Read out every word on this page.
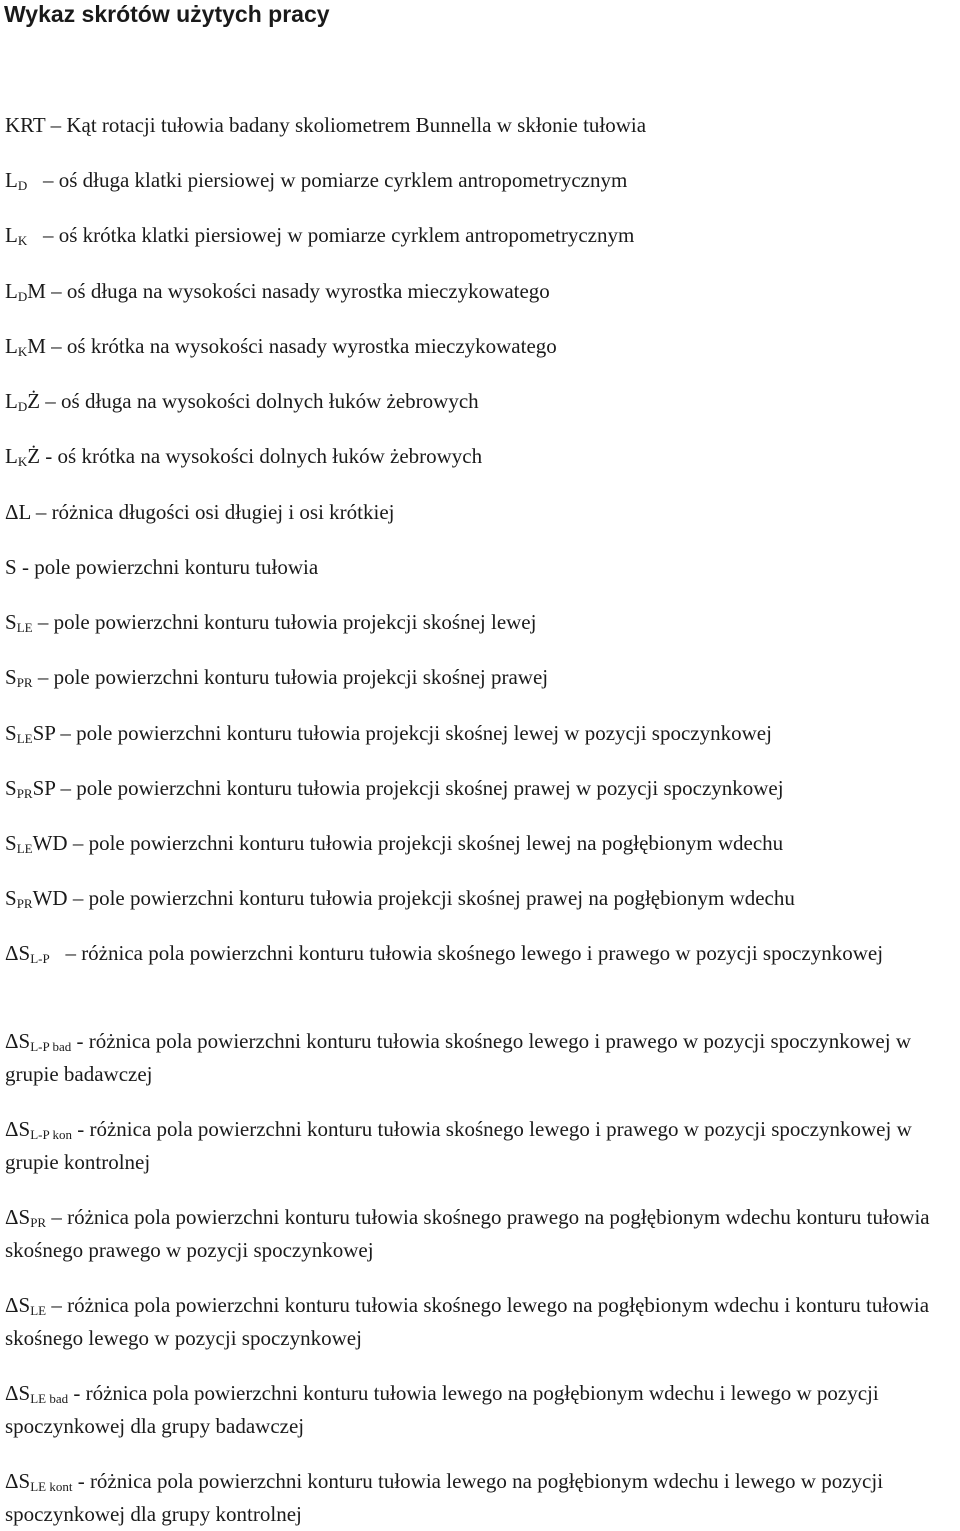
Wykaz skrótów użytych pracy
KRT – Kąt rotacji tułowia badany skoliometrem Bunnella w skłonie tułowia
$L_D$   – oś długa klatki piersiowej w pomiarze cyrklem antropometrycznym
$L_K$   – oś krótka klatki piersiowej w pomiarze cyrklem antropometrycznym
$L_DM$ – oś długa na wysokości nasady wyrostka mieczykowatego
$L_KM$ – oś krótka na wysokości nasady wyrostka mieczykowatego
$L_DŻ$ – oś długa na wysokości dolnych łuków żebrowych
$L_KŻ$ - oś krótka na wysokości dolnych łuków żebrowych
ΔL – różnica długości osi długiej i osi krótkiej
S - pole powierzchni konturu tułowia
$S_{LE}$ – pole powierzchni konturu tułowia projekcji skośnej lewej
$S_{PR}$ – pole powierzchni konturu tułowia projekcji skośnej prawej
$S_{LE}SP$ – pole powierzchni konturu tułowia projekcji skośnej lewej w pozycji spoczynkowej
$S_{PR}SP$ – pole powierzchni konturu tułowia projekcji skośnej prawej w pozycji spoczynkowej
$S_{LE}WD$ – pole powierzchni konturu tułowia projekcji skośnej lewej na pogłębionym wdechu
$S_{PR}WD$ – pole powierzchni konturu tułowia projekcji skośnej prawej na pogłębionym wdechu
$\Delta S_{L-P}$   – różnica pola powierzchni konturu tułowia skośnego lewego i prawego w pozycji spoczynkowej
$\Delta S_{L-P bad}$ - różnica pola powierzchni konturu tułowia skośnego lewego i prawego w pozycji spoczynkowej w grupie badawczej
$\Delta S_{L-P kon}$ - różnica pola powierzchni konturu tułowia skośnego lewego i prawego w pozycji spoczynkowej w grupie kontrolnej
$\Delta S_{PR}$ – różnica pola powierzchni konturu tułowia skośnego prawego na pogłębionym wdechu konturu tułowia skośnego prawego w pozycji spoczynkowej
$\Delta S_{LE}$ – różnica pola powierzchni konturu tułowia skośnego lewego na pogłębionym wdechu i konturu tułowia skośnego lewego w pozycji spoczynkowej
$\Delta S_{LE bad}$ - różnica pola powierzchni konturu tułowia lewego na pogłębionym wdechu i lewego w pozycji spoczynkowej dla grupy badawczej
$\Delta S_{LE kont}$ - różnica pola powierzchni konturu tułowia lewego na pogłębionym wdechu i lewego w pozycji spoczynkowej dla grupy kontrolnej
